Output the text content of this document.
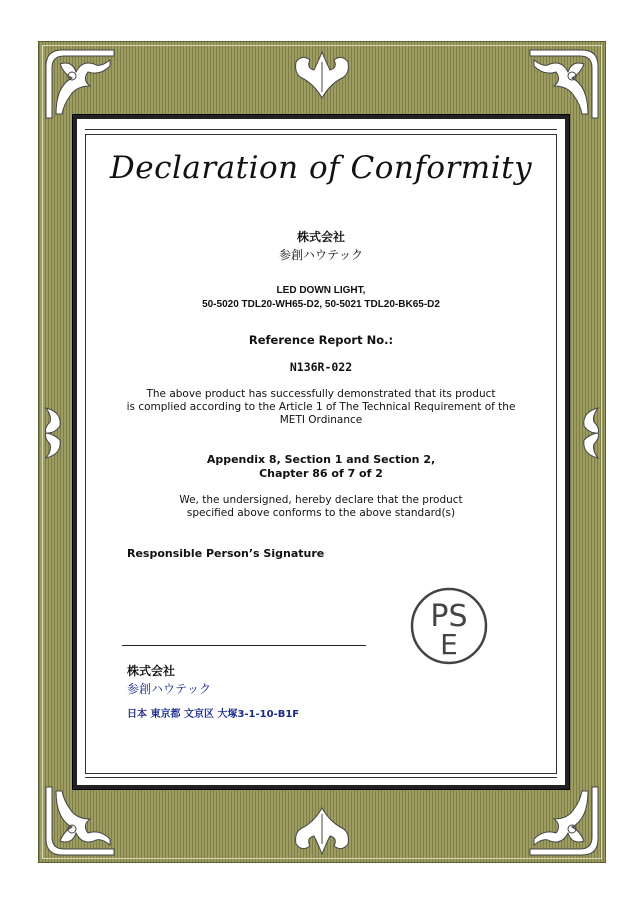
Declaration of Conformity
株式会社
参創ハウテック
LED DOWN LIGHT,
50-5020 TDL20-WH65-D2, 50-5021 TDL20-BK65-D2
Reference Report No.:
N136R-022
The above product has successfully demonstrated that its product
is complied according to the Article 1 of The Technical Requirement of the
METI Ordinance
Appendix 8, Section 1 and Section 2,
Chapter 86 of 7 of 2
We, the undersigned, hereby declare that the product
specified above conforms to the above standard(s)
Responsible Person’s Signature
PS
E
株式会社
参創ハウテック
日本 東京都 文京区 大塚3-1-10-B1F
